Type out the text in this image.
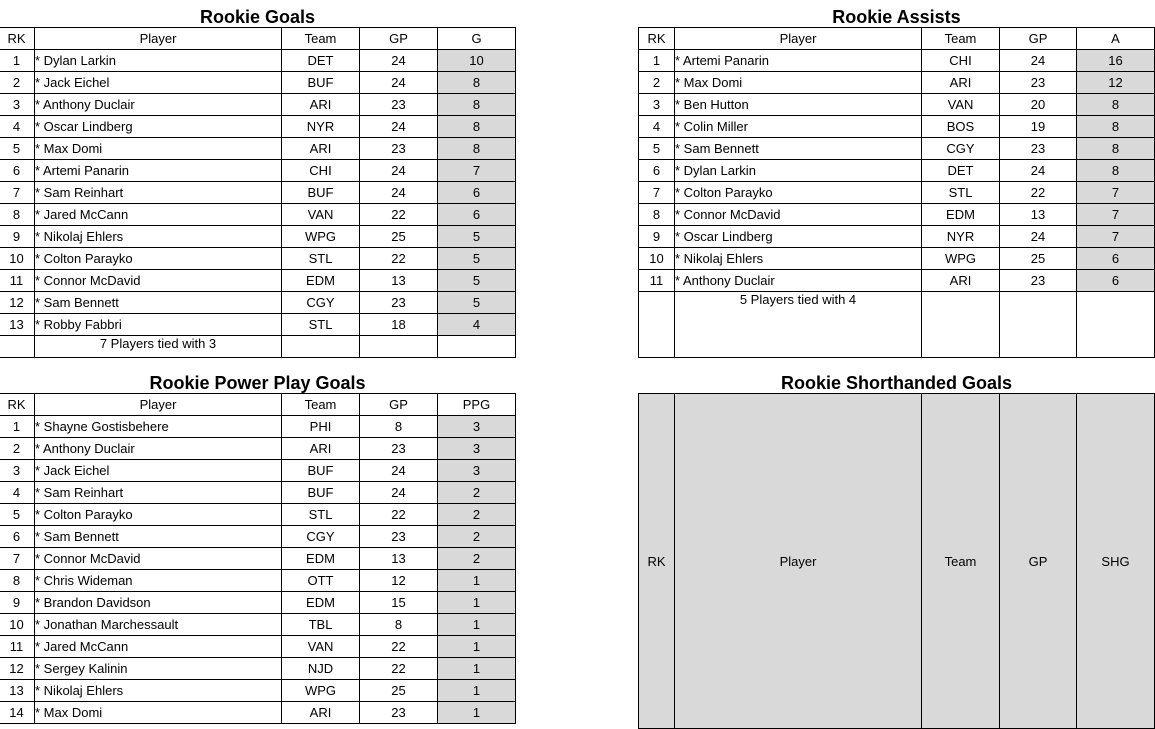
Rookie Goals
RK	Player	Team	GP	G
1	* Dylan Larkin	DET	24	10
2	* Jack Eichel	BUF	24	8
3	* Anthony Duclair	ARI	23	8
4	* Oscar Lindberg	NYR	24	8
5	* Max Domi	ARI	23	8
6	* Artemi Panarin	CHI	24	7
7	* Sam Reinhart	BUF	24	6
8	* Jared McCann	VAN	22	6
9	* Nikolaj Ehlers	WPG	25	5
10	* Colton Parayko	STL	22	5
11	* Connor McDavid	EDM	13	5
12	* Sam Bennett	CGY	23	5
13	* Robby Fabbri	STL	18	4
	7 Players tied with 3			
Rookie Assists
RK	Player	Team	GP	A
1	* Artemi Panarin	CHI	24	16
2	* Max Domi	ARI	23	12
3	* Ben Hutton	VAN	20	8
4	* Colin Miller	BOS	19	8
5	* Sam Bennett	CGY	23	8
6	* Dylan Larkin	DET	24	8
7	* Colton Parayko	STL	22	7
8	* Connor McDavid	EDM	13	7
9	* Oscar Lindberg	NYR	24	7
10	* Nikolaj Ehlers	WPG	25	6
11	* Anthony Duclair	ARI	23	6
	5 Players tied with 4			
Rookie Power Play Goals
RK	Player	Team	GP	PPG
1	* Shayne Gostisbehere	PHI	8	3
2	* Anthony Duclair	ARI	23	3
3	* Jack Eichel	BUF	24	3
4	* Sam Reinhart	BUF	24	2
5	* Colton Parayko	STL	22	2
6	* Sam Bennett	CGY	23	2
7	* Connor McDavid	EDM	13	2
8	* Chris Wideman	OTT	12	1
9	* Brandon Davidson	EDM	15	1
10	* Jonathan Marchessault	TBL	8	1
11	* Jared McCann	VAN	22	1
12	* Sergey Kalinin	NJD	22	1
13	* Nikolaj Ehlers	WPG	25	1
14	* Max Domi	ARI	23	1
Rookie Shorthanded Goals
RK	Player	Team	GP	SHG
